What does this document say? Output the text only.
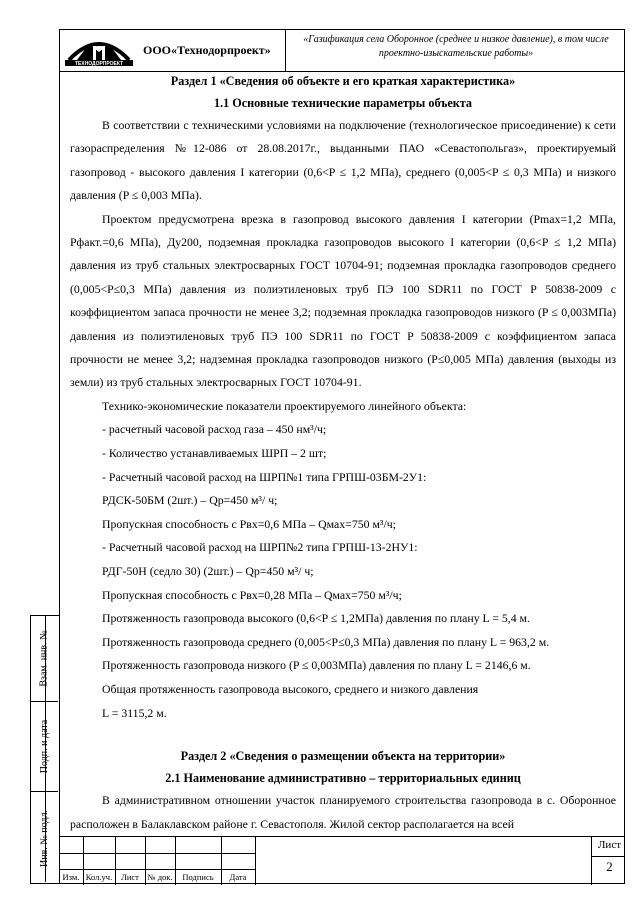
ТЕХНОДОРПРОЕКТ
ООО«Технодорпроект»
«Газификация села Оборонное (среднее и низкое давление), в том числе проектно-изыскательские работы»

Раздел 1 «Сведения об объекте и его краткая характеристика»

1.1 Основные технические параметры объекта

В соответствии с техническими условиями на подключение (технологическое присоединение) к сети газораспределения №12-086 от 28.08.2017г., выданными ПАО «Севастопольгаз», проектируемый газопровод - высокого давления I категории (0,6<P ≤ 1,2 МПа), среднего (0,005<P ≤ 0,3 МПа) и низкого давления (P ≤ 0,003 МПа).

Проектом предусмотрена врезка в газопровод высокого давления I категории (Pmax=1,2 МПа, Pфакт.=0,6 МПа), Ду200, подземная прокладка газопроводов высокого I категории (0,6<P ≤ 1,2 МПа) давления из труб стальных электросварных ГОСТ 10704-91; подземная прокладка газопроводов среднего (0,005<P≤0,3 МПа) давления из полиэтиленовых труб ПЭ 100 SDR11 по ГОСТ Р 50838-2009 с коэффициентом запаса прочности не менее 3,2; подземная прокладка газопроводов низкого (P ≤ 0,003МПа) давления из полиэтиленовых труб ПЭ 100 SDR11 по ГОСТ Р 50838-2009 с коэффициентом запаса прочности не менее 3,2; надземная прокладка газопроводов низкого (P≤0,005 МПа) давления (выходы из земли) из труб стальных электросварных ГОСТ 10704-91.

Технико-экономические показатели проектируемого линейного объекта:

- расчетный часовой расход газа – 450 нм³/ч;

- Количество устанавливаемых ШРП – 2 шт;

- Расчетный часовой расход на ШРП№1 типа ГРПШ-03БМ-2У1:

РДСК-50БМ (2шт.) – Qр=450 м³/ ч;

Пропускная способность с Pвх=0,6 МПа – Qмах=750 м³/ч;

- Расчетный часовой расход на ШРП№2 типа ГРПШ-13-2НУ1:

РДГ-50Н (седло 30) (2шт.) – Qр=450 м³/ ч;

Пропускная способность с Pвх=0,28 МПа – Qмах=750 м³/ч;

Протяженность газопровода высокого (0,6<P ≤ 1,2МПа) давления по плану L = 5,4 м.

Протяженность газопровода среднего (0,005<P≤0,3 МПа) давления по плану L = 963,2 м.

Протяженность газопровода низкого (P ≤ 0,003МПа) давления по плану L = 2146,6 м.

Общая протяженность газопровода высокого, среднего и низкого давления

L = 3115,2 м.

Раздел 2 «Сведения о размещении объекта на территории»

2.1 Наименование административно – территориальных единиц

В административном отношении участок планируемого строительства газопровода в с. Оборонное расположен в Балаклавском районе г. Севастополя. Жилой сектор располагается на всей

Взам. инв. №
Подп. и дата
Инв. № подл.
Изм. Кол.уч.	Лист	№ док.	Подпись	Дата
Лист
2
